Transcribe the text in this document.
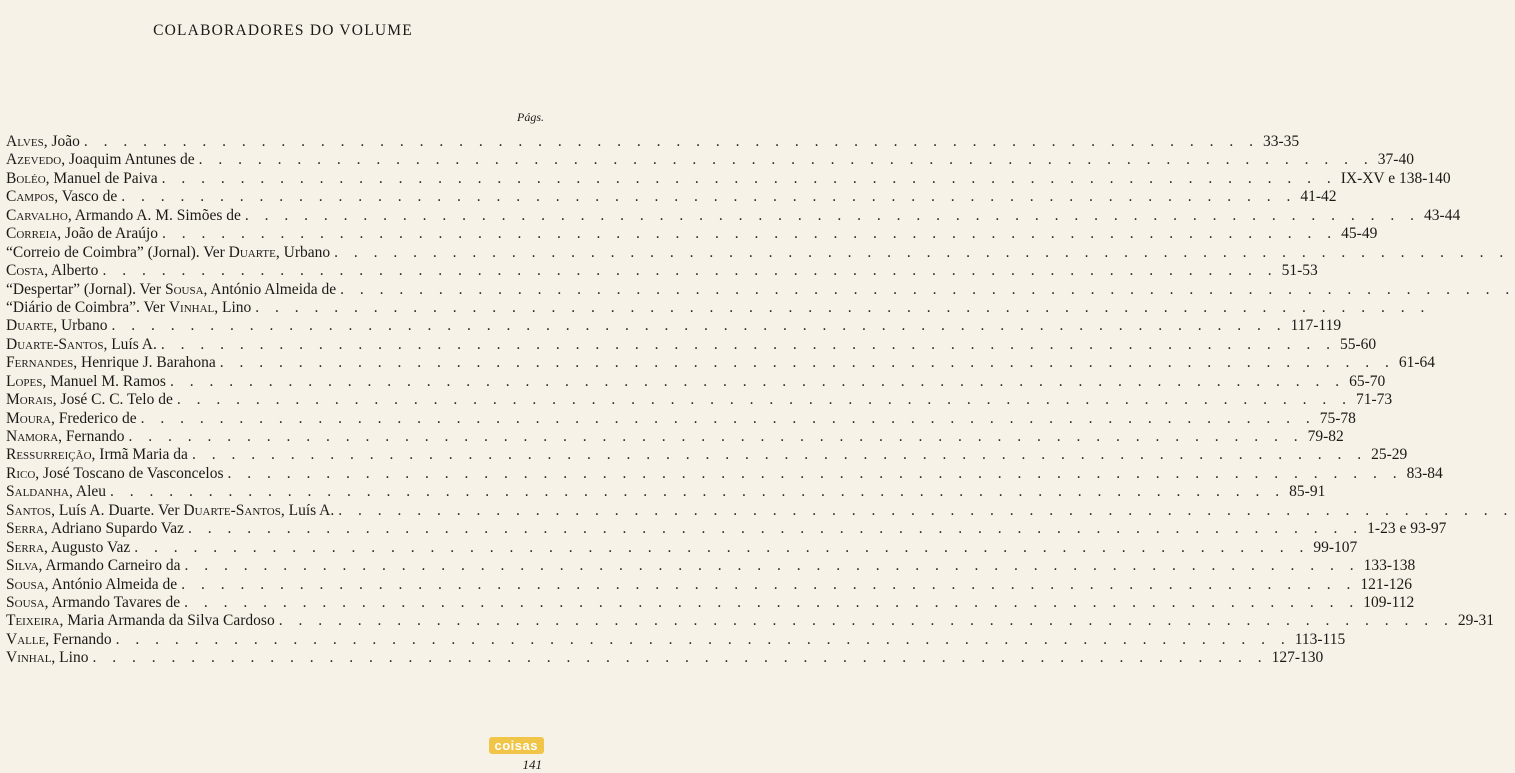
COLABORADORES DO VOLUME
Págs.
Alves, João . . . . . . . . . . . . . . . . . . . . . . . . . . . . . . . . . . . . . . . . . . . . . . . . . . . . . . . . . . . . 33-35
Azevedo, Joaquim Antunes de . . . . . . . . . . . . . . . . . . . . . . . . . . . . . . . . . . . . . . . . . . . . . . . . . . . . . . . . . . . . 37-40
Boléo, Manuel de Paiva . . . . . . . . . . . . . . . . . . . . . . . . . . . . . . . . . . . . . . . . . . . . . . . . . . . . . . . . . . . . IX-XV e 138-140
Campos, Vasco de . . . . . . . . . . . . . . . . . . . . . . . . . . . . . . . . . . . . . . . . . . . . . . . . . . . . . . . . . . . . 41-42
Carvalho, Armando A. M. Simões de . . . . . . . . . . . . . . . . . . . . . . . . . . . . . . . . . . . . . . . . . . . . . . . . . . . . . . . . . . . . 43-44
Correia, João de Araújo . . . . . . . . . . . . . . . . . . . . . . . . . . . . . . . . . . . . . . . . . . . . . . . . . . . . . . . . . . . . 45-49
“Correio de Coimbra” (Jornal). Ver Duarte, Urbano . . . . . . . . . . . . . . . . . . . . . . . . . . . . . . . . . . . . . . . . . . . . . . . . . . . . . . . . . . . .
Costa, Alberto . . . . . . . . . . . . . . . . . . . . . . . . . . . . . . . . . . . . . . . . . . . . . . . . . . . . . . . . . . . . 51-53
“Despertar” (Jornal). Ver Sousa, António Almeida de . . . . . . . . . . . . . . . . . . . . . . . . . . . . . . . . . . . . . . . . . . . . . . . . . . . . . . . . . . . .
“Diário de Coimbra”. Ver Vinhal, Lino . . . . . . . . . . . . . . . . . . . . . . . . . . . . . . . . . . . . . . . . . . . . . . . . . . . . . . . . . . . .
Duarte, Urbano . . . . . . . . . . . . . . . . . . . . . . . . . . . . . . . . . . . . . . . . . . . . . . . . . . . . . . . . . . . . 117-119
Duarte-Santos, Luís A. . . . . . . . . . . . . . . . . . . . . . . . . . . . . . . . . . . . . . . . . . . . . . . . . . . . . . . . . . . . . 55-60
Fernandes, Henrique J. Barahona . . . . . . . . . . . . . . . . . . . . . . . . . . . . . . . . . . . . . . . . . . . . . . . . . . . . . . . . . . . . 61-64
Lopes, Manuel M. Ramos . . . . . . . . . . . . . . . . . . . . . . . . . . . . . . . . . . . . . . . . . . . . . . . . . . . . . . . . . . . . 65-70
Morais, José C. C. Telo de . . . . . . . . . . . . . . . . . . . . . . . . . . . . . . . . . . . . . . . . . . . . . . . . . . . . . . . . . . . . 71-73
Moura, Frederico de . . . . . . . . . . . . . . . . . . . . . . . . . . . . . . . . . . . . . . . . . . . . . . . . . . . . . . . . . . . . 75-78
Namora, Fernando . . . . . . . . . . . . . . . . . . . . . . . . . . . . . . . . . . . . . . . . . . . . . . . . . . . . . . . . . . . . 79-82
Ressurreição, Irmã Maria da . . . . . . . . . . . . . . . . . . . . . . . . . . . . . . . . . . . . . . . . . . . . . . . . . . . . . . . . . . . . 25-29
Rico, José Toscano de Vasconcelos . . . . . . . . . . . . . . . . . . . . . . . . . . . . . . . . . . . . . . . . . . . . . . . . . . . . . . . . . . . . 83-84
Saldanha, Aleu . . . . . . . . . . . . . . . . . . . . . . . . . . . . . . . . . . . . . . . . . . . . . . . . . . . . . . . . . . . . 85-91
Santos, Luís A. Duarte. Ver Duarte-Santos, Luís A. . . . . . . . . . . . . . . . . . . . . . . . . . . . . . . . . . . . . . . . . . . . . . . . . . . . . . . . . . . . .
Serra, Adriano Supardo Vaz . . . . . . . . . . . . . . . . . . . . . . . . . . . . . . . . . . . . . . . . . . . . . . . . . . . . . . . . . . . . 1-23 e 93-97
Serra, Augusto Vaz . . . . . . . . . . . . . . . . . . . . . . . . . . . . . . . . . . . . . . . . . . . . . . . . . . . . . . . . . . . . 99-107
Silva, Armando Carneiro da . . . . . . . . . . . . . . . . . . . . . . . . . . . . . . . . . . . . . . . . . . . . . . . . . . . . . . . . . . . . 133-138
Sousa, António Almeida de . . . . . . . . . . . . . . . . . . . . . . . . . . . . . . . . . . . . . . . . . . . . . . . . . . . . . . . . . . . . 121-126
Sousa, Armando Tavares de . . . . . . . . . . . . . . . . . . . . . . . . . . . . . . . . . . . . . . . . . . . . . . . . . . . . . . . . . . . . 109-112
Teixeira, Maria Armanda da Silva Cardoso . . . . . . . . . . . . . . . . . . . . . . . . . . . . . . . . . . . . . . . . . . . . . . . . . . . . . . . . . . . . 29-31
Valle, Fernando . . . . . . . . . . . . . . . . . . . . . . . . . . . . . . . . . . . . . . . . . . . . . . . . . . . . . . . . . . . . 113-115
Vinhal, Lino . . . . . . . . . . . . . . . . . . . . . . . . . . . . . . . . . . . . . . . . . . . . . . . . . . . . . . . . . . . . 127-130
coisas
141
